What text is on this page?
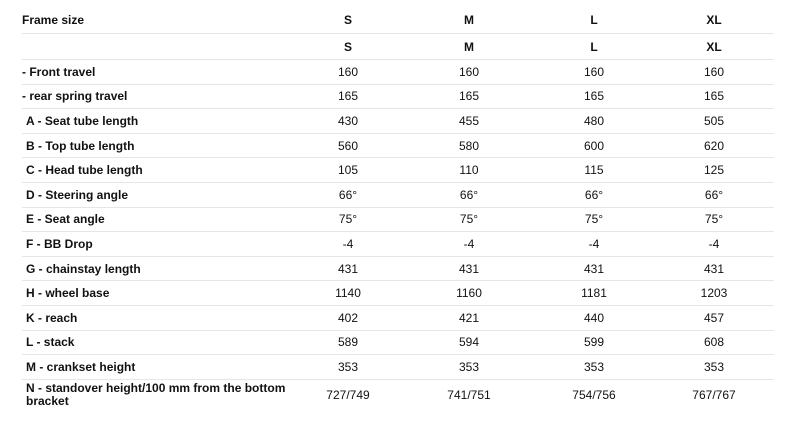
Frame size	S	M	L	XL
	S	M	L	XL
- Front travel	160	160	160	160
- rear spring travel	165	165	165	165
A - Seat tube length	430	455	480	505
B - Top tube length	560	580	600	620
C - Head tube length	105	110	115	125
D - Steering angle	66°	66°	66°	66°
E - Seat angle	75°	75°	75°	75°
F - BB Drop	-4	-4	-4	-4
G - chainstay length	431	431	431	431
H - wheel base	1140	1160	1181	1203
K - reach	402	421	440	457
L - stack	589	594	599	608
M - crankset height	353	353	353	353
N - standover height/100 mm from the bottom bracket	727/749	741/751	754/756	767/767
